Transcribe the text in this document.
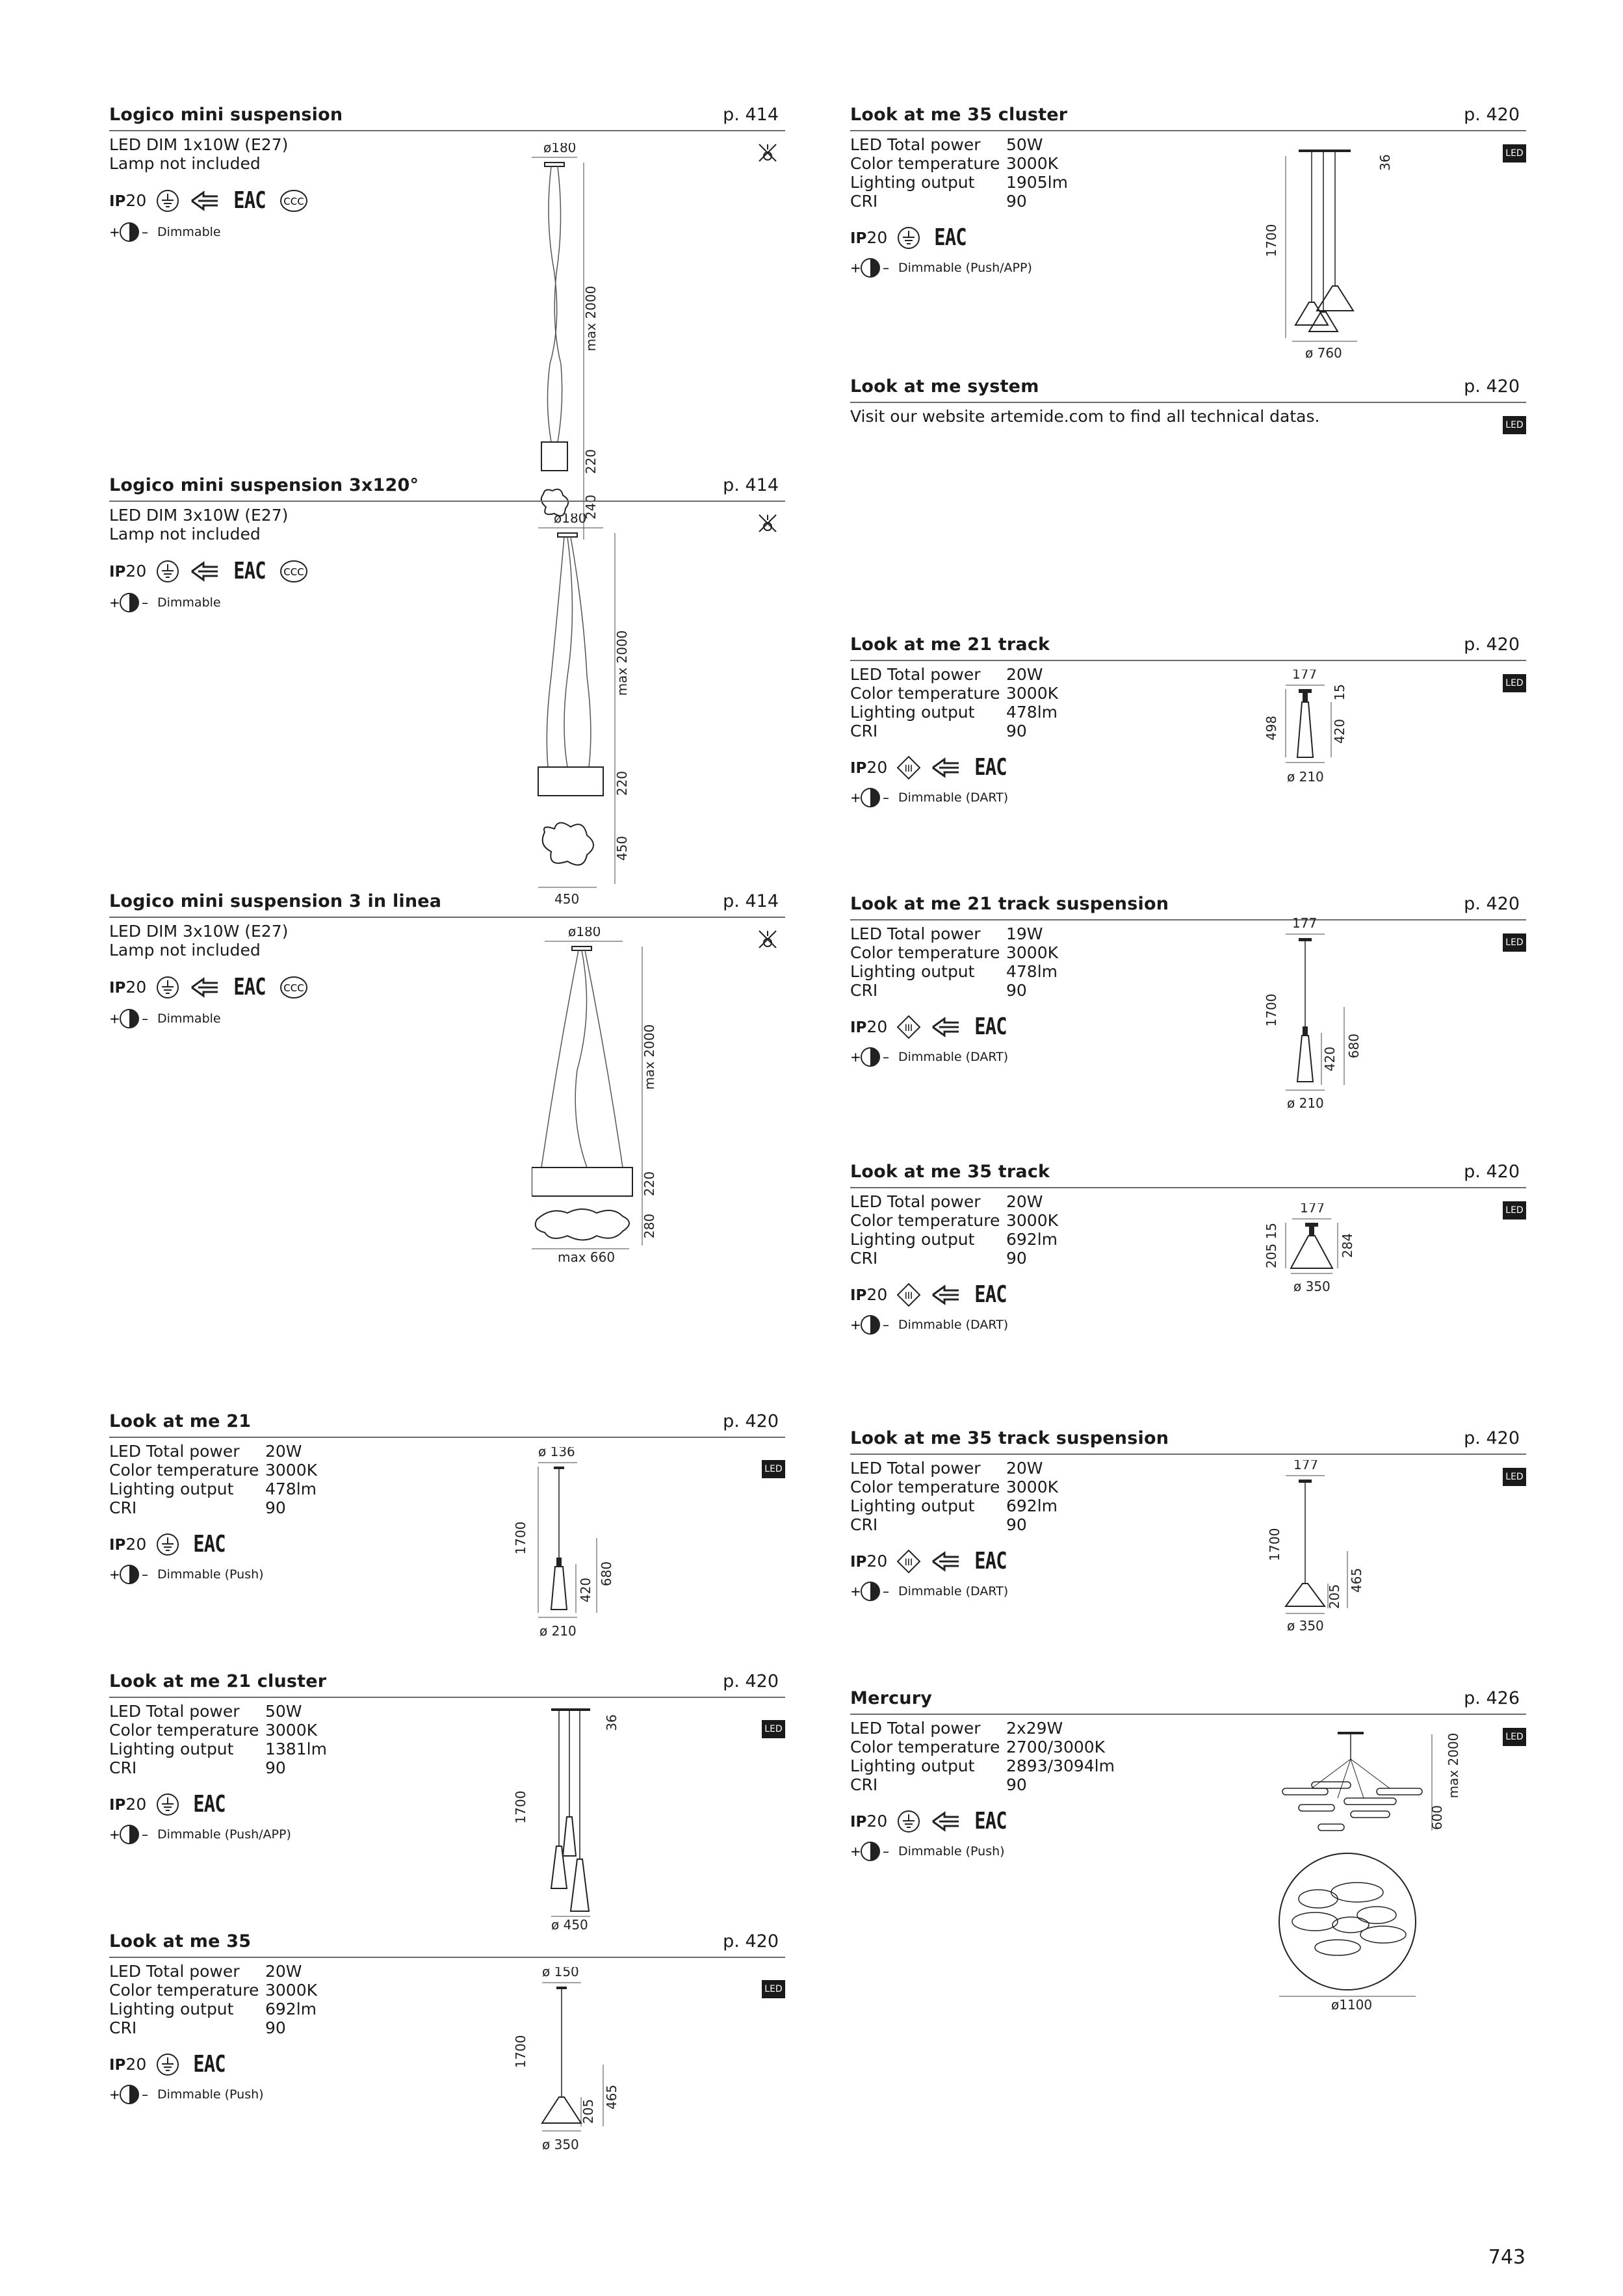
Logico mini suspension	p. 414
LED DIM 1x10W (E27)
Lamp not included
IP20	EAC CCC
+ – Dimmable
ø180
max 2000
220
240
Logico mini suspension 3x120°	p. 414
LED DIM 3x10W (E27)
Lamp not included
IP20	EAC CCC
+ – Dimmable
ø180
450
max 2000
220
450
Logico mini suspension 3 in linea	p. 414
LED DIM 3x10W (E27)
Lamp not included
IP20	EAC CCC
+ – Dimmable
ø180
max 660
max 2000
220
280
Look at me 21	p. 420
LED
LED Total power	20W
Color temperature 3000K
Lighting output	478lm
CRI	90
IP20 EAC
+ – Dimmable (Push)
ø 136
1700
420
680
ø 210
Look at me 21 cluster	p. 420
LED
LED Total power	50W
Color temperature 3000K
Lighting output	1381lm
CRI	90
IP20 EAC
+ – Dimmable (Push/APP)
36
1700
ø 450
Look at me 35	p. 420
LED
LED Total power	20W
Color temperature 3000K
Lighting output	692lm
CRI	90
IP20 EAC
+ – Dimmable (Push)
ø 150
1700
205
465
ø 350
Look at me 35 cluster	p. 420
LED
LED Total power	50W
Color temperature 3000K
Lighting output	1905lm
CRI	90
IP20 EAC
+ – Dimmable (Push/APP)
36
1700
ø 760
Look at me system	p. 420
Visit our website artemide.com to find all technical datas.	LED
Look at me 21 track	p. 420
LED
LED Total power	20W
Color temperature 3000K
Lighting output	478lm
CRI	90
IP20 III	EAC
+ – Dimmable (DART)
177
498	420
15
ø 210
Look at me 21 track suspension	p. 420
LED
LED Total power	19W
Color temperature 3000K
Lighting output	478lm
CRI	90
IP20 III	EAC
+ – Dimmable (DART)
177
1700
420
680
ø 210
Look at me 35 track	p. 420
LED
LED Total power	20W
Color temperature 3000K
Lighting output	692lm
CRI	90
IP20 III	EAC
+ – Dimmable (DART)
177
205 15	284
ø 350
Look at me 35 track suspension	p. 420
LED
LED Total power	20W
Color temperature 3000K
Lighting output	692lm
CRI	90
IP20 III	EAC
+ – Dimmable (DART)
177
1700
205
465
ø 350
Mercury	p. 426
LED
LED Total power	2x29W
Color temperature 2700/3000K
Lighting output	2893/3094lm
CRI	90
IP20	EAC
+ – Dimmable (Push)
600
max 2000
ø1100
743
